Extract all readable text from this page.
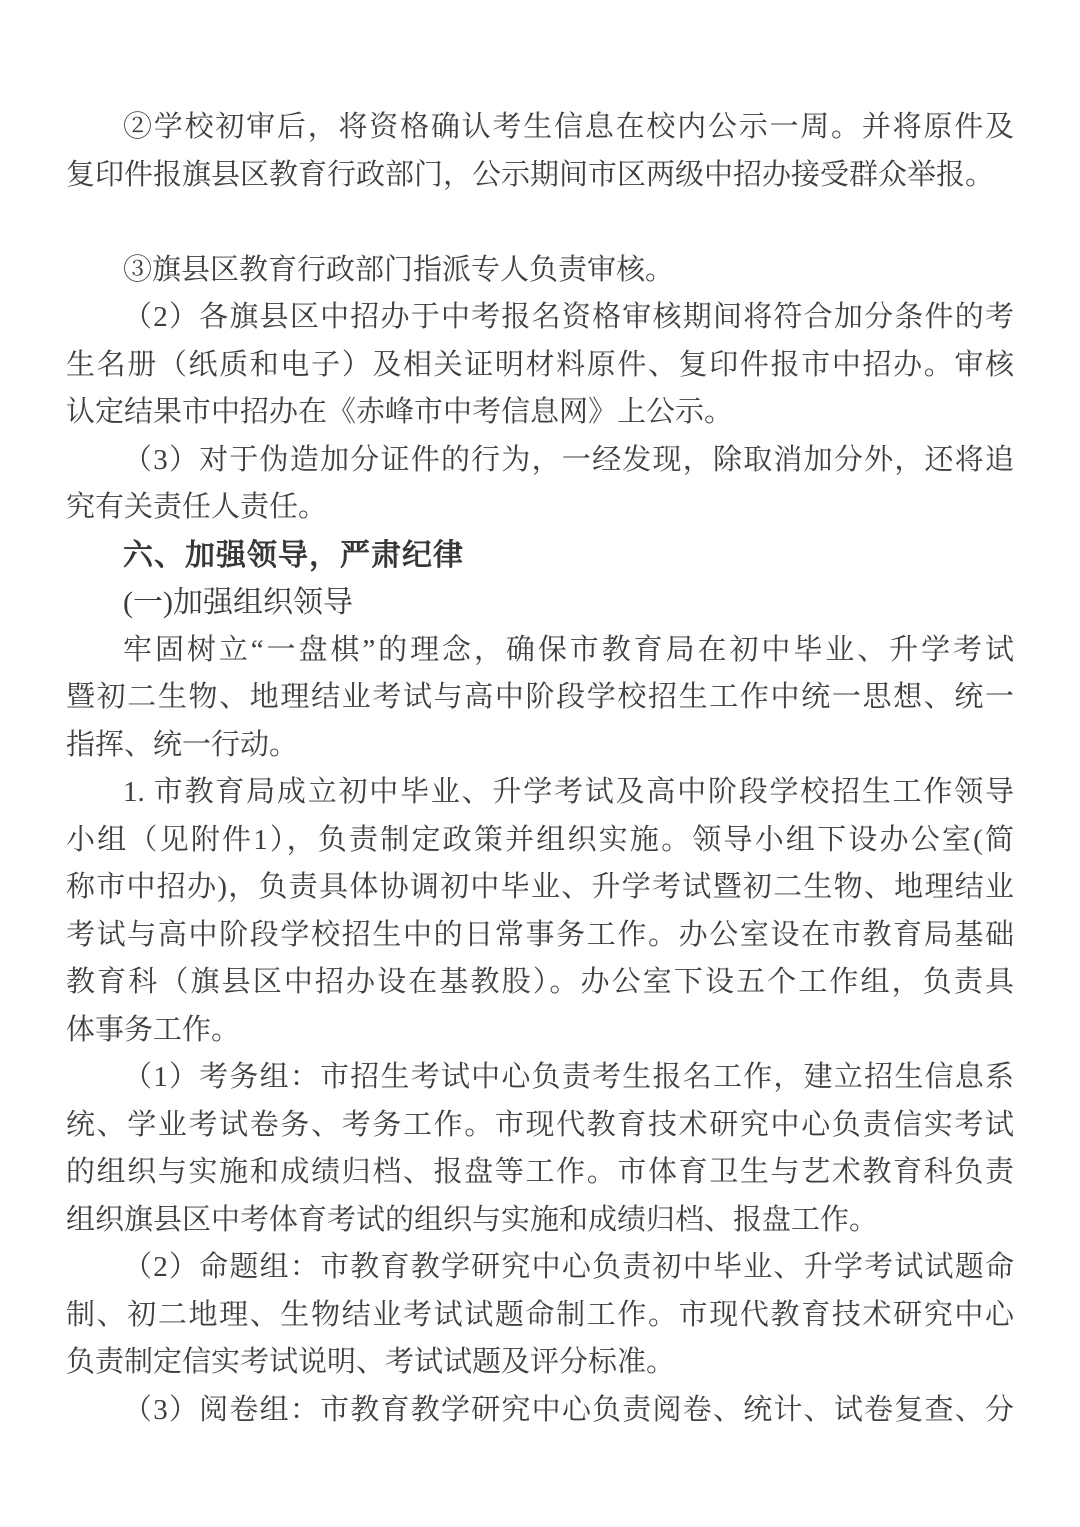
②学校初审后，将资格确认考生信息在校内公示一周。并将原件及
复印件报旗县区教育行政部门，公示期间市区两级中招办接受群众举报。
③旗县区教育行政部门指派专人负责审核。
（2）各旗县区中招办于中考报名资格审核期间将符合加分条件的考
生名册（纸质和电子）及相关证明材料原件、复印件报市中招办。审核
认定结果市中招办在《赤峰市中考信息网》上公示。
（3）对于伪造加分证件的行为，一经发现，除取消加分外，还将追
究有关责任人责任。
六、加强领导，严肃纪律
(一)加强组织领导
牢固树立“一盘棋”的理念，确保市教育局在初中毕业、升学考试
暨初二生物、地理结业考试与高中阶段学校招生工作中统一思想、统一
指挥、统一行动。
1. 市教育局成立初中毕业、升学考试及高中阶段学校招生工作领导
小组（见附件1），负责制定政策并组织实施。领导小组下设办公室(简
称市中招办)，负责具体协调初中毕业、升学考试暨初二生物、地理结业
考试与高中阶段学校招生中的日常事务工作。办公室设在市教育局基础
教育科（旗县区中招办设在基教股）。办公室下设五个工作组，负责具
体事务工作。
（1）考务组：市招生考试中心负责考生报名工作，建立招生信息系
统、学业考试卷务、考务工作。市现代教育技术研究中心负责信实考试
的组织与实施和成绩归档、报盘等工作。市体育卫生与艺术教育科负责
组织旗县区中考体育考试的组织与实施和成绩归档、报盘工作。
（2）命题组：市教育教学研究中心负责初中毕业、升学考试试题命
制、初二地理、生物结业考试试题命制工作。市现代教育技术研究中心
负责制定信实考试说明、考试试题及评分标准。
（3）阅卷组：市教育教学研究中心负责阅卷、统计、试卷复查、分
